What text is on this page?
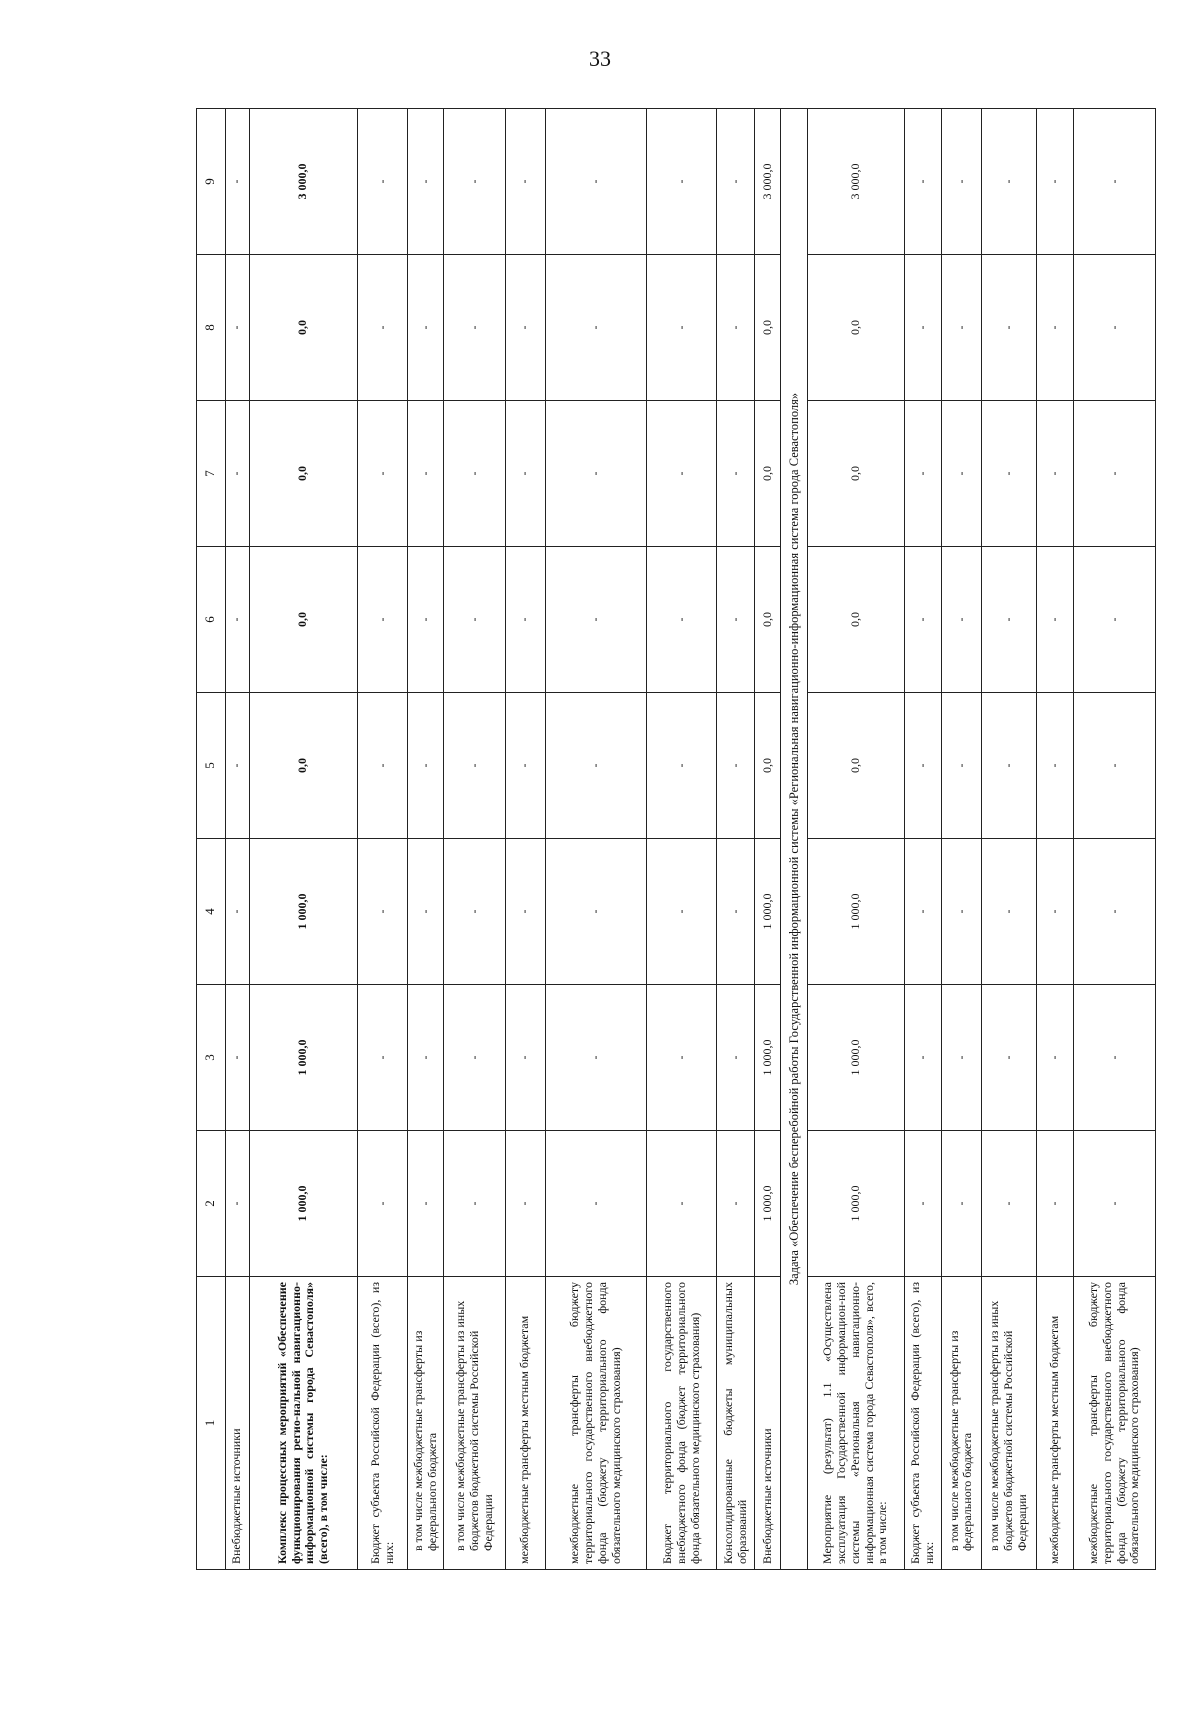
33
1	2	3	4	5	6	7	8	9
Внебюджетные источники	-	-	-	-	-	-	-	-
Комплекс процессных мероприятий «Обеспечение функционирования регио-нальной навигационно-информационной системы города Севастополя» (всего), в том числе:	1 000,0	1 000,0	1 000,0	0,0	0,0	0,0	0,0	3 000,0
Бюджет субъекта Российской Федерации (всего), из них:	-	-	-	-	-	-	-	-
в том числе межбюджетные трансферты из федерального бюджета	-	-	-	-	-	-	-	-
в том числе межбюджетные трансферты из иных бюджетов бюджетной системы Российской Федерации	-	-	-	-	-	-	-	-
межбюджетные трансферты местным бюджетам	-	-	-	-	-	-	-	-
межбюджетные трансферты бюджету территориального государственного внебюджетного фонда (бюджету территориального фонда обязательного медицинского страхования)	-	-	-	-	-	-	-	-
Бюджет территориального государственного внебюджетного фонда (бюджет территориального фонда обязательного медицинского страхования)	-	-	-	-	-	-	-	-
Консолидированные бюджеты муниципальных образований	-	-	-	-	-	-	-	-
Внебюджетные источники	1 000,0	1 000,0	1 000,0	0,0	0,0	0,0	0,0	3 000,0
Задача «Обеспечение бесперебойной работы Государственной информационной системы «Региональная навигационно-информационная система города Севастополя»								
Мероприятие (результат) 1.1 «Осуществлена эксплуатация Государственной информацион-ной системы «Региональная навигационно-информационная система города Севастополя», всего, в том числе:	1 000,0	1 000,0	1 000,0	0,0	0,0	0,0	0,0	3 000,0
Бюджет субъекта Российской Федерации (всего), из них:	-	-	-	-	-	-	-	-
в том числе межбюджетные трансферты из федерального бюджета	-	-	-	-	-	-	-	-
в том числе межбюджетные трансферты из иных бюджетов бюджетной системы Российской Федерации	-	-	-	-	-	-	-	-
межбюджетные трансферты местным бюджетам	-	-	-	-	-	-	-	-
межбюджетные трансферты бюджету территориального государственного внебюджетного фонда (бюджету территориального фонда обязательного медицинского страхования)	-	-	-	-	-	-	-	-
